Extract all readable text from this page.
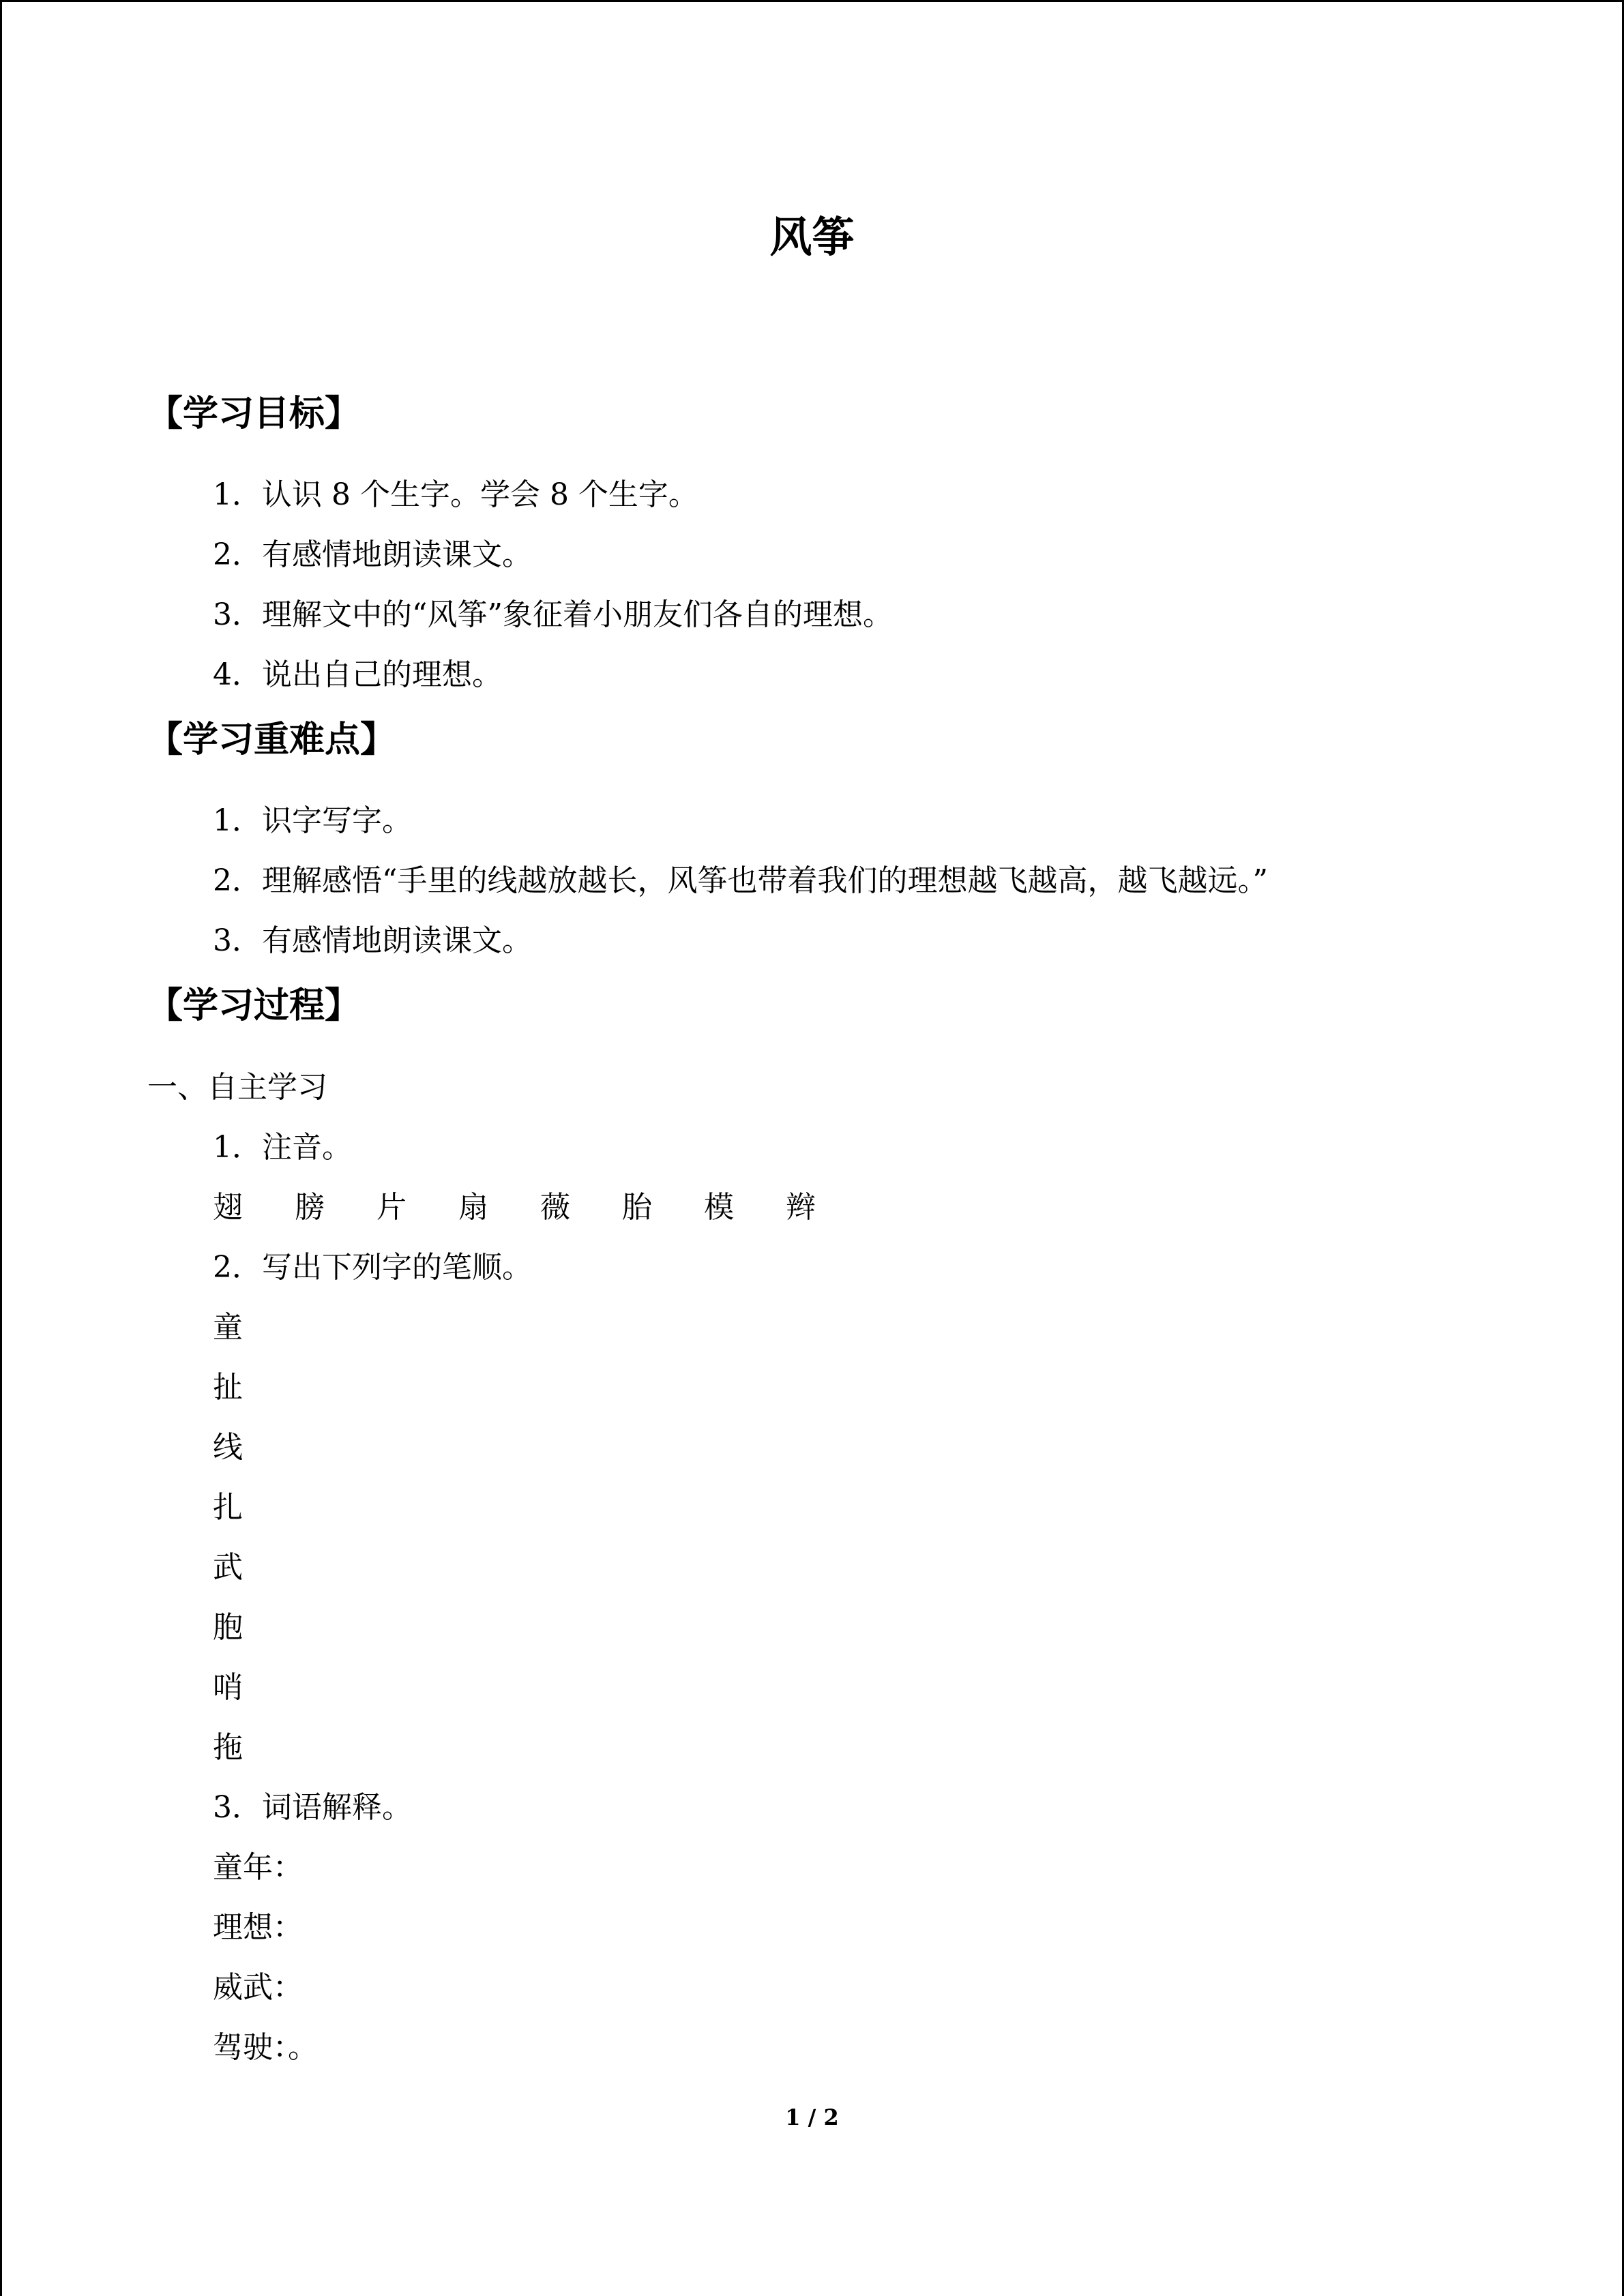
风筝
【学习目标】
1．认识 8 个生字。学会 8 个生字。
2．有感情地朗读课文。
3．理解文中的“风筝”象征着小朋友们各自的理想。
4．说出自己的理想。
【学习重难点】
1．识字写字。
2．理解感悟“手里的线越放越长，风筝也带着我们的理想越飞越高，越飞越远。”
3．有感情地朗读课文。
【学习过程】
一、自主学习
1．注音。
翅 膀 片 扇 薇 胎 模 辫
2．写出下列字的笔顺。
童
扯
线
扎
武
胞
哨
拖
3．词语解释。
童年：
理想：
威武：
驾驶：。
1 / 2
